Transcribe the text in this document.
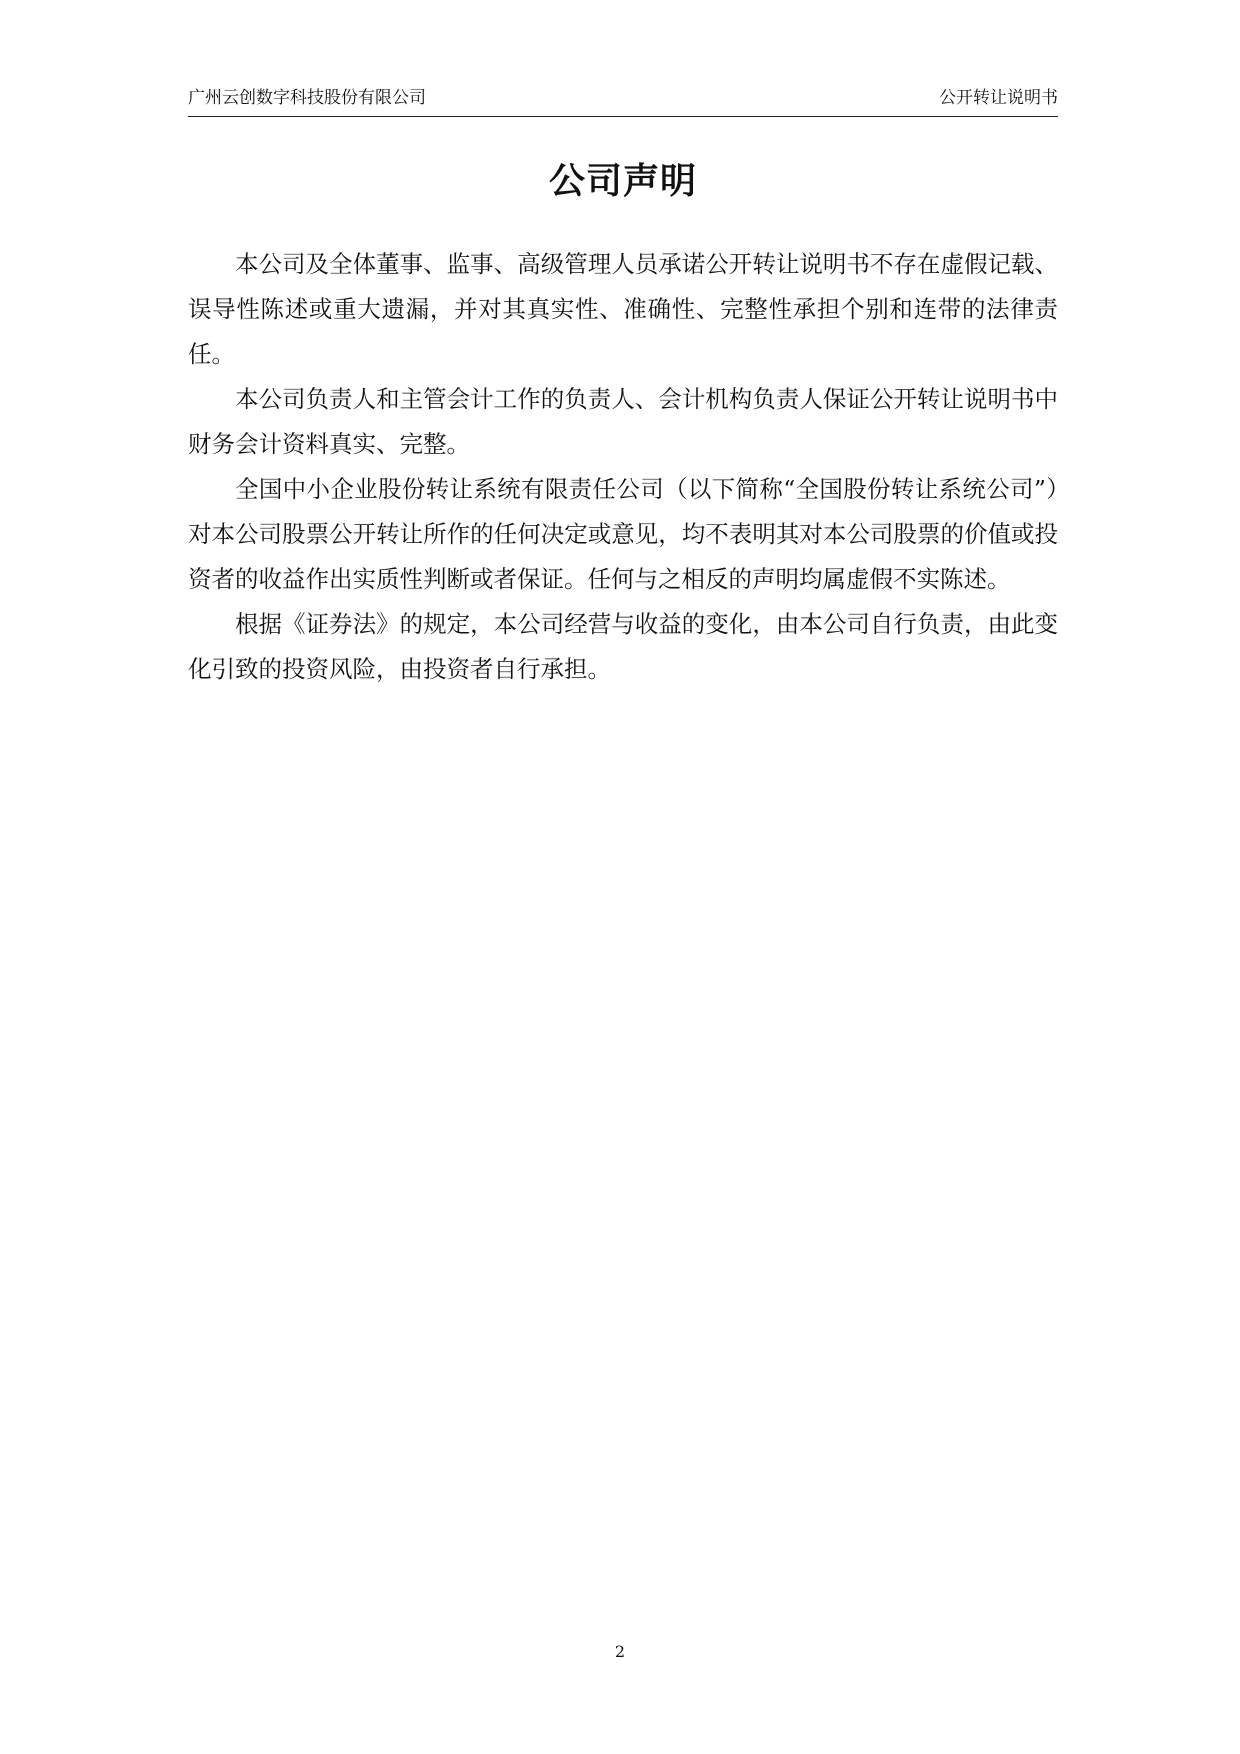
广州云创数字科技股份有限公司	公开转让说明书
公司声明

本公司及全体董事、监事、高级管理人员承诺公开转让说明书不存在虚假记载、误导性陈述或重大遗漏，并对其真实性、准确性、完整性承担个别和连带的法律责任。

本公司负责人和主管会计工作的负责人、会计机构负责人保证公开转让说明书中财务会计资料真实、完整。

全国中小企业股份转让系统有限责任公司（以下简称“全国股份转让系统公司”）对本公司股票公开转让所作的任何决定或意见，均不表明其对本公司股票的价值或投资者的收益作出实质性判断或者保证。任何与之相反的声明均属虚假不实陈述。

根据《证券法》的规定，本公司经营与收益的变化，由本公司自行负责，由此变化引致的投资风险，由投资者自行承担。

2
